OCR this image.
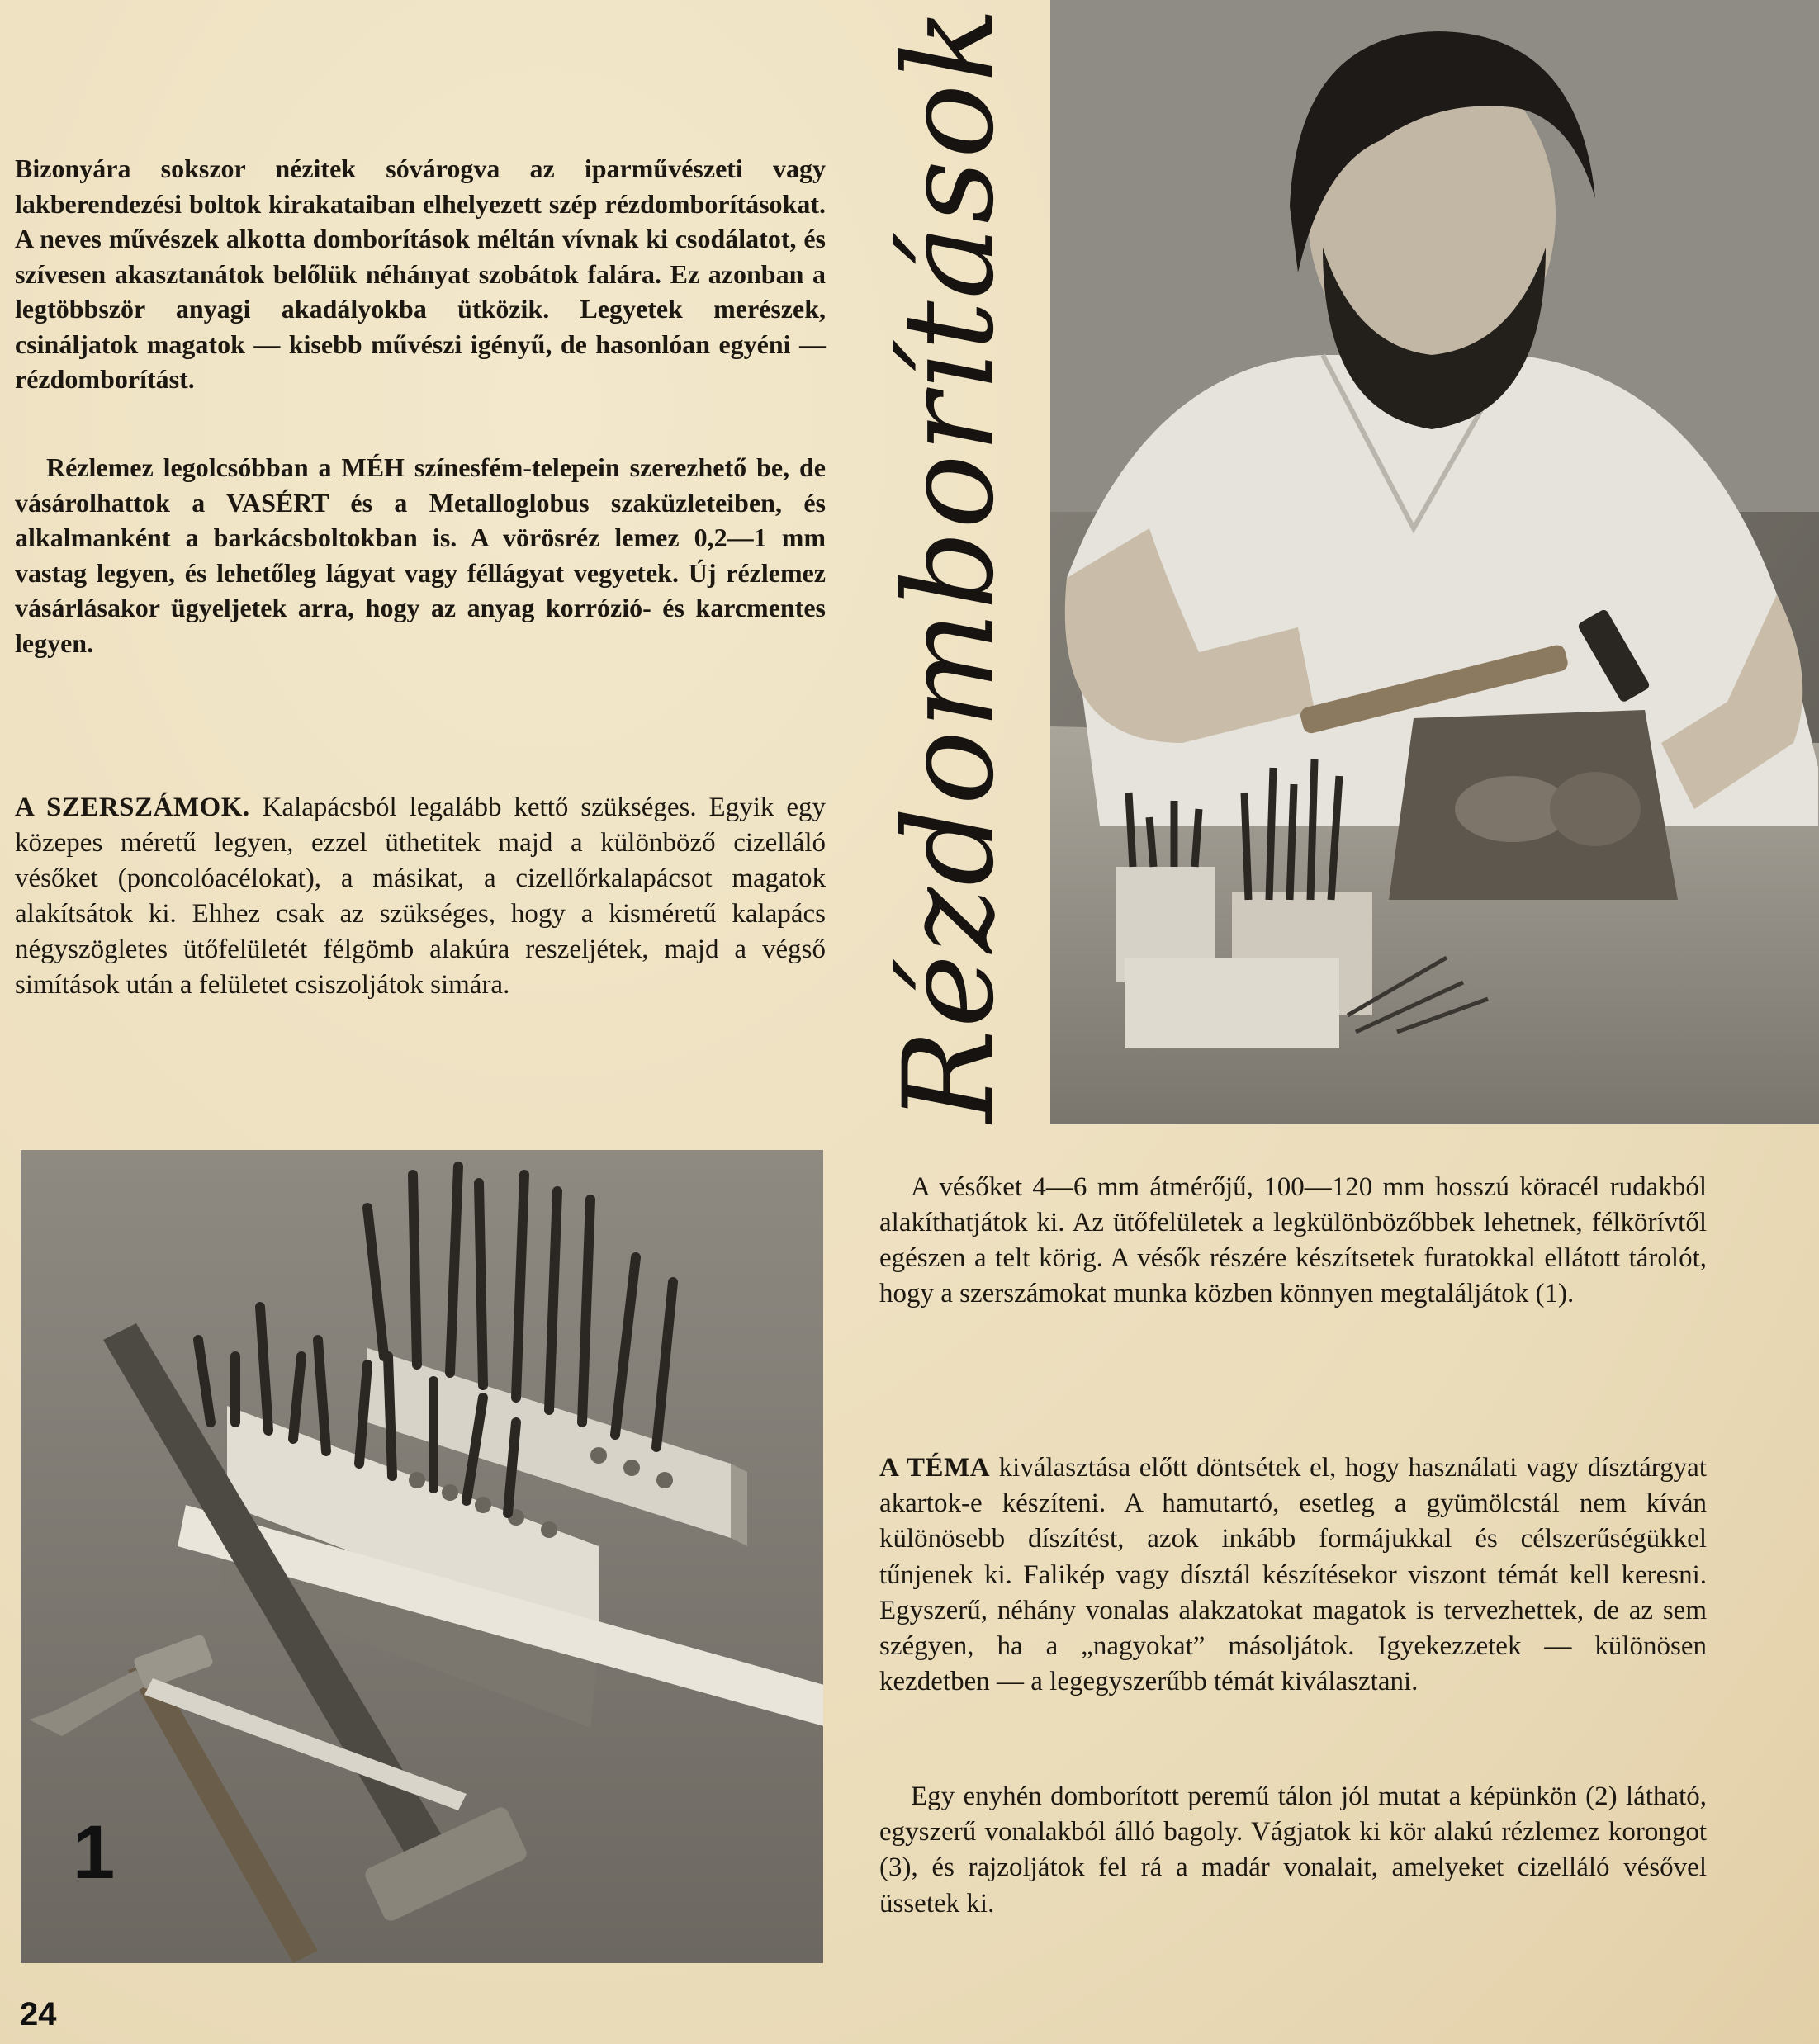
Bizonyára sokszor nézitek sóvárogva az iparművészeti vagy lakberendezési boltok kirakataiban elhelyezett szép rézdomborításokat. A neves művészek alkotta domborítások méltán vívnak ki csodálatot, és szívesen akasztanátok belőlük néhányat szobátok falára. Ez azonban a legtöbbször anyagi akadályokba ütközik. Legyetek merészek, csináljatok magatok — kisebb művészi igényű, de hasonlóan egyéni — rézdomborítást.

Rézlemez legolcsóbban a MÉH színesfém-telepein szerezhető be, de vásárolhattok a VASÉRT és a Metalloglobus szaküzleteiben, és alkalmanként a barkácsboltokban is. A vörösréz lemez 0,2—1 mm vastag legyen, és lehetőleg lágyat vagy féllágyat vegyetek. Új rézlemez vásárlásakor ügyeljetek arra, hogy az anyag korrózió- és karcmentes legyen.

A SZERSZÁMOK. Kalapácsból legalább kettő szükséges. Egyik egy közepes méretű legyen, ezzel üthetitek majd a különböző cizelláló vésőket (poncolóacélokat), a másikat, a cizellőrkalapácsot magatok alakítsátok ki. Ehhez csak az szükséges, hogy a kisméretű kalapács négyszögletes ütőfelületét félgömb alakúra reszeljétek, majd a végső simítások után a felületet csiszoljátok simára.	Rézdomborítások
1

A vésőket 4—6 mm átmérőjű, 100—120 mm hosszú köracél rudakból alakíthatjátok ki. Az ütőfelületek a legkülönbözőbbek lehetnek, félkörívtől egészen a telt körig. A vésők részére készítsetek furatokkal ellátott tárolót, hogy a szerszámokat munka közben könnyen megtaláljátok (1).

A TÉMA kiválasztása előtt döntsétek el, hogy használati vagy dísztárgyat akartok-e készíteni. A hamutartó, esetleg a gyümölcstál nem kíván különösebb díszítést, azok inkább formájukkal és célszerűségükkel tűnjenek ki. Falikép vagy dísztál készítésekor viszont témát kell keresni. Egyszerű, néhány vonalas alakzatokat magatok is tervezhettek, de az sem szégyen, ha a „nagyokat” másoljátok. Igyekezzetek — különösen kezdetben — a legegyszerűbb témát kiválasztani.

Egy enyhén domborított peremű tálon jól mutat a képünkön (2) látható, egyszerű vonalakból álló bagoly. Vágjatok ki kör alakú rézlemez korongot (3), és rajzoljátok fel rá a madár vonalait, amelyeket cizelláló vésővel üssetek ki.

24
